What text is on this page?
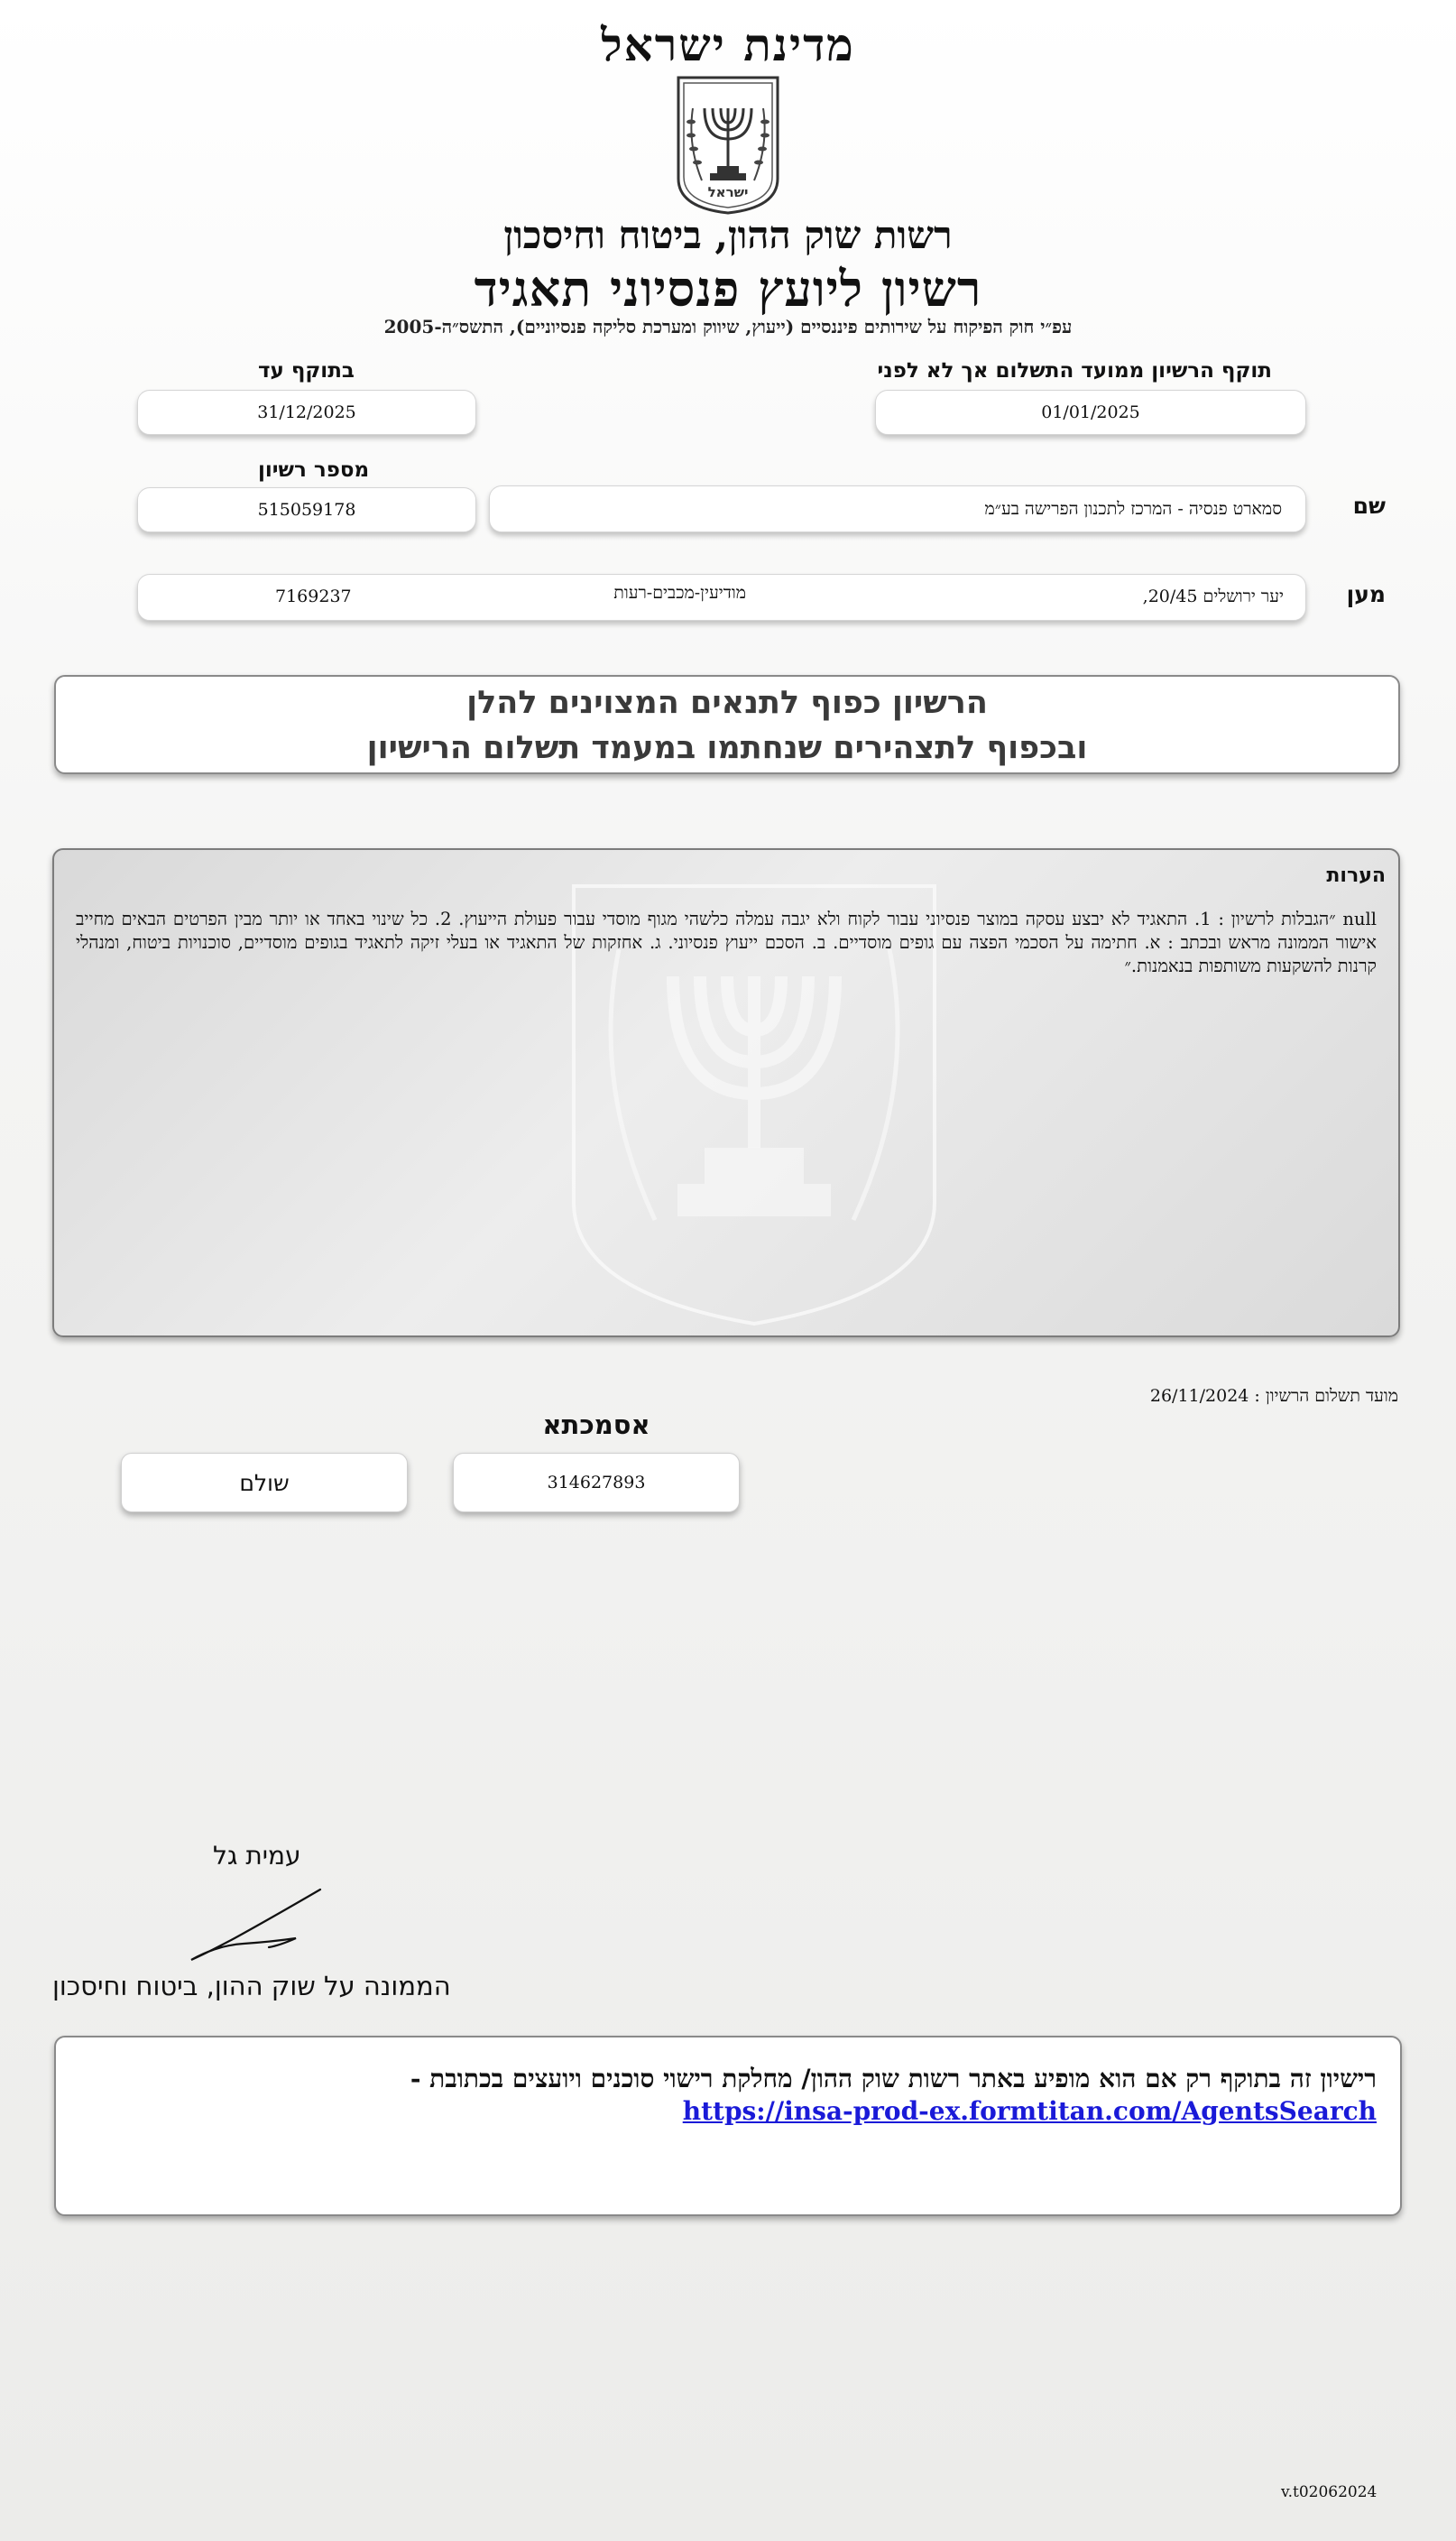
מדינת ישראל
ישראל
רשות שוק ההון, ביטוח וחיסכון
רשיון ליועץ פנסיוני תאגיד
עפ״י חוק הפיקוח על שירותים פיננסיים (ייעוץ, שיווק ומערכת סליקה פנסיוניים), התשס״ה-2005
תוקף הרשיון ממועד התשלום אך לא לפני
01/01/2025
בתוקף עד
31/12/2025
שם
סמארט פנסיה - המרכז לתכנון הפרישה בע״מ
מספר רשיון
515059178
מען
יער ירושלים 20/45,
מודיעין-מכבים-רעות
7169237
הרשיון כפוף לתנאים המצוינים להלן
ובכפוף לתצהירים שנחתמו במעמד תשלום הרישיון
הערות
null ״הגבלות לרשיון : 1. התאגיד לא יבצע עסקה במוצר פנסיוני עבור לקוח ולא יגבה עמלה כלשהי מגוף מוסדי עבור פעולת הייעוץ. 2. כל שינוי באחד או יותר מבין הפרטים הבאים מחייב אישור הממונה מראש ובכתב : א. חתימה על הסכמי הפצה עם גופים מוסדיים. ב. הסכם ייעוץ פנסיוני. ג. אחזקות של התאגיד או בעלי זיקה לתאגיד בגופים מוסדיים, סוכנויות ביטוח, ומנהלי קרנות להשקעות משותפות בנאמנות.״
מועד תשלום הרשיון : 26/11/2024
אסמכתא
314627893
שולם
עמית גל
הממונה על שוק ההון, ביטוח וחיסכון
רישיון זה בתוקף רק אם הוא מופיע באתר רשות שוק ההון/ מחלקת רישוי סוכנים ויועצים בכתובת -
https://insa-prod-ex.formtitan.com/AgentsSearch
v.t02062024
